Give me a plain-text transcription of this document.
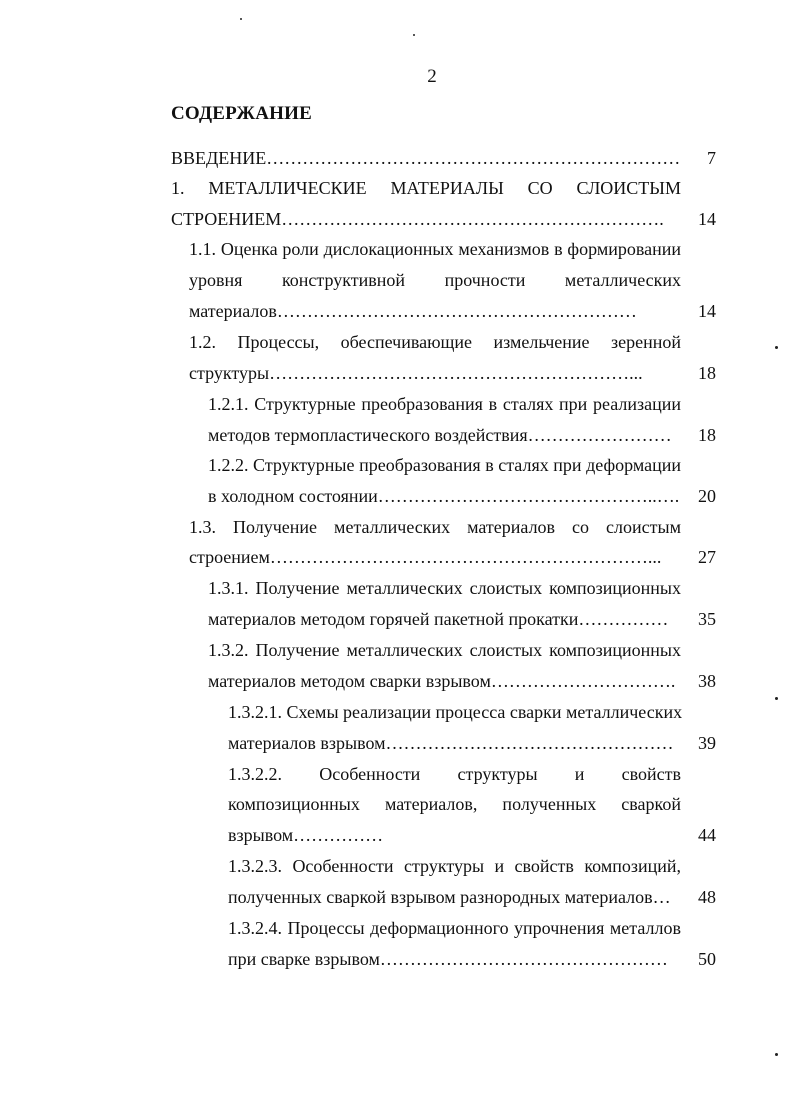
2
СОДЕРЖАНИЕ
ВВЕДЕНИЕ……………………………………………………………	7
1. МЕТАЛЛИЧЕСКИЕ МАТЕРИАЛЫ СО СЛОИСТЫМ
СТРОЕНИЕМ……………………………………………………….	14
1.1. Оценка роли дислокационных механизмов в формировании
уровня конструктивной прочности металлических
материалов……………………………………………………	14
1.2. Процессы, обеспечивающие измельчение зеренной
структуры……………………………………………………...	18
1.2.1. Структурные преобразования в сталях при реализации
методов термопластического воздействия……………………	18
1.2.2. Структурные преобразования в сталях при деформации
в холодном состоянии………………………………………..….	20
1.3. Получение металлических материалов со слоистым
строением………………………………………………………...	27
1.3.1. Получение металлических слоистых композиционных
материалов методом горячей пакетной прокатки……………	35
1.3.2. Получение металлических слоистых композиционных
материалов методом сварки взрывом………………………….	38
1.3.2.1. Схемы реализации процесса сварки металлических
материалов взрывом…………………………………………	39
1.3.2.2. Особенности структуры и свойств
композиционных материалов, полученных сваркой
взрывом……………	44
1.3.2.3. Особенности структуры и свойств композиций,
полученных сваркой взрывом разнородных материалов…	48
1.3.2.4. Процессы деформационного упрочнения металлов
при сварке взрывом…………………………………………	50
